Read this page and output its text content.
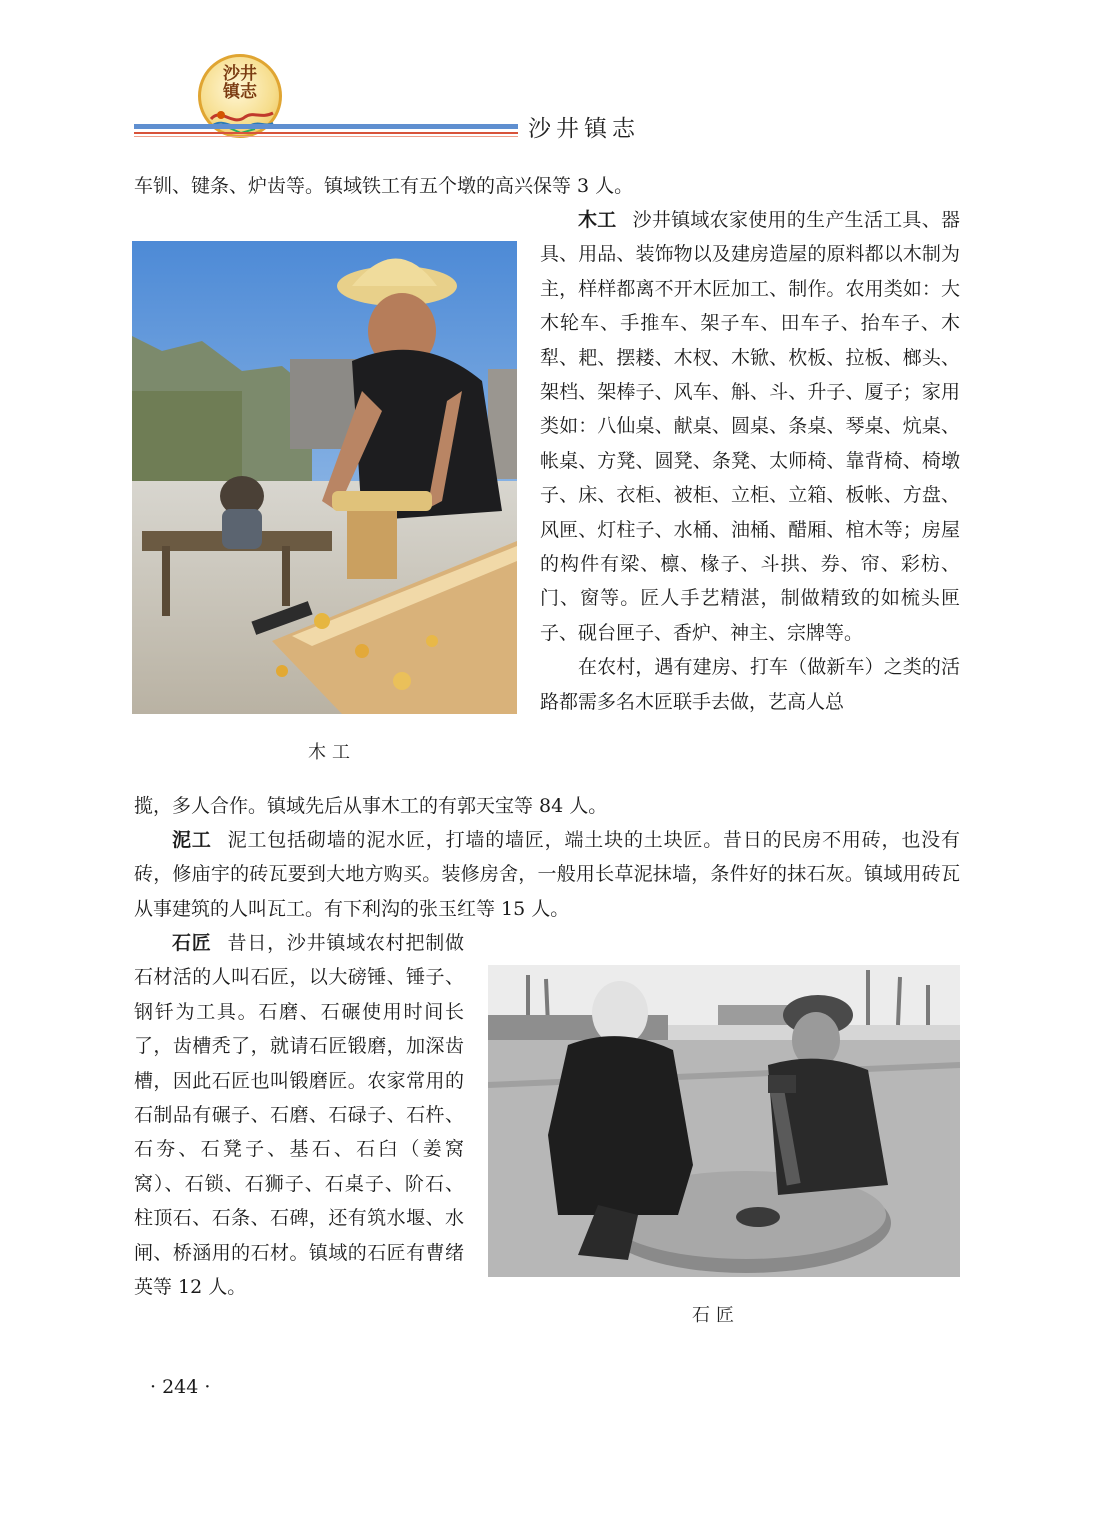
沙井
镇志
沙井镇志
车钏、键条、炉齿等。镇域铁工有五个墩的高兴保等 3 人。
木工

木工 沙井镇域农家使用的生产生活工具、器具、用品、装饰物以及建房造屋的原料都以木制为主，样样都离不开木匠加工、制作。农用类如：大木轮车、手推车、架子车、田车子、抬车子、木犁、耙、摆耧、木杈、木锨、杴板、拉板、榔头、架档、架棒子、风车、斛、斗、升子、厦子；家用类如：八仙桌、献桌、圆桌、条桌、琴桌、炕桌、帐桌、方凳、圆凳、条凳、太师椅、靠背椅、椅墩子、床、衣柜、被柜、立柜、立箱、板帐、方盘、风匣、灯柱子、水桶、油桶、醋厢、棺木等；房屋的构件有梁、檩、椽子、斗拱、券、帘、彩枋、门、窗等。匠人手艺精湛，制做精致的如梳头匣子、砚台匣子、香炉、神主、宗牌等。

在农村，遇有建房、打车（做新车）之类的活路都需多名木匠联手去做，艺高人总

揽，多人合作。镇域先后从事木工的有郭天宝等 84 人。

泥工 泥工包括砌墙的泥水匠，打墙的墙匠，端土块的土块匠。昔日的民房不用砖，也没有砖，修庙宇的砖瓦要到大地方购买。装修房舍，一般用长草泥抹墙，条件好的抹石灰。镇域用砖瓦从事建筑的人叫瓦工。有下利沟的张玉红等 15 人。

石匠 昔日，沙井镇域农村把制做石材活的人叫石匠，以大磅锤、锤子、钢钎为工具。石磨、石碾使用时间长了，齿槽秃了，就请石匠锻磨，加深齿槽，因此石匠也叫锻磨匠。农家常用的石制品有碾子、石磨、石碌子、石杵、石夯、石凳子、基石、石臼（姜窝窝）、石锁、石狮子、石桌子、阶石、柱顶石、石条、石碑，还有筑水堰、水闸、桥涵用的石材。镇域的石匠有曹绪英等 12 人。

石匠
· 244 ·
